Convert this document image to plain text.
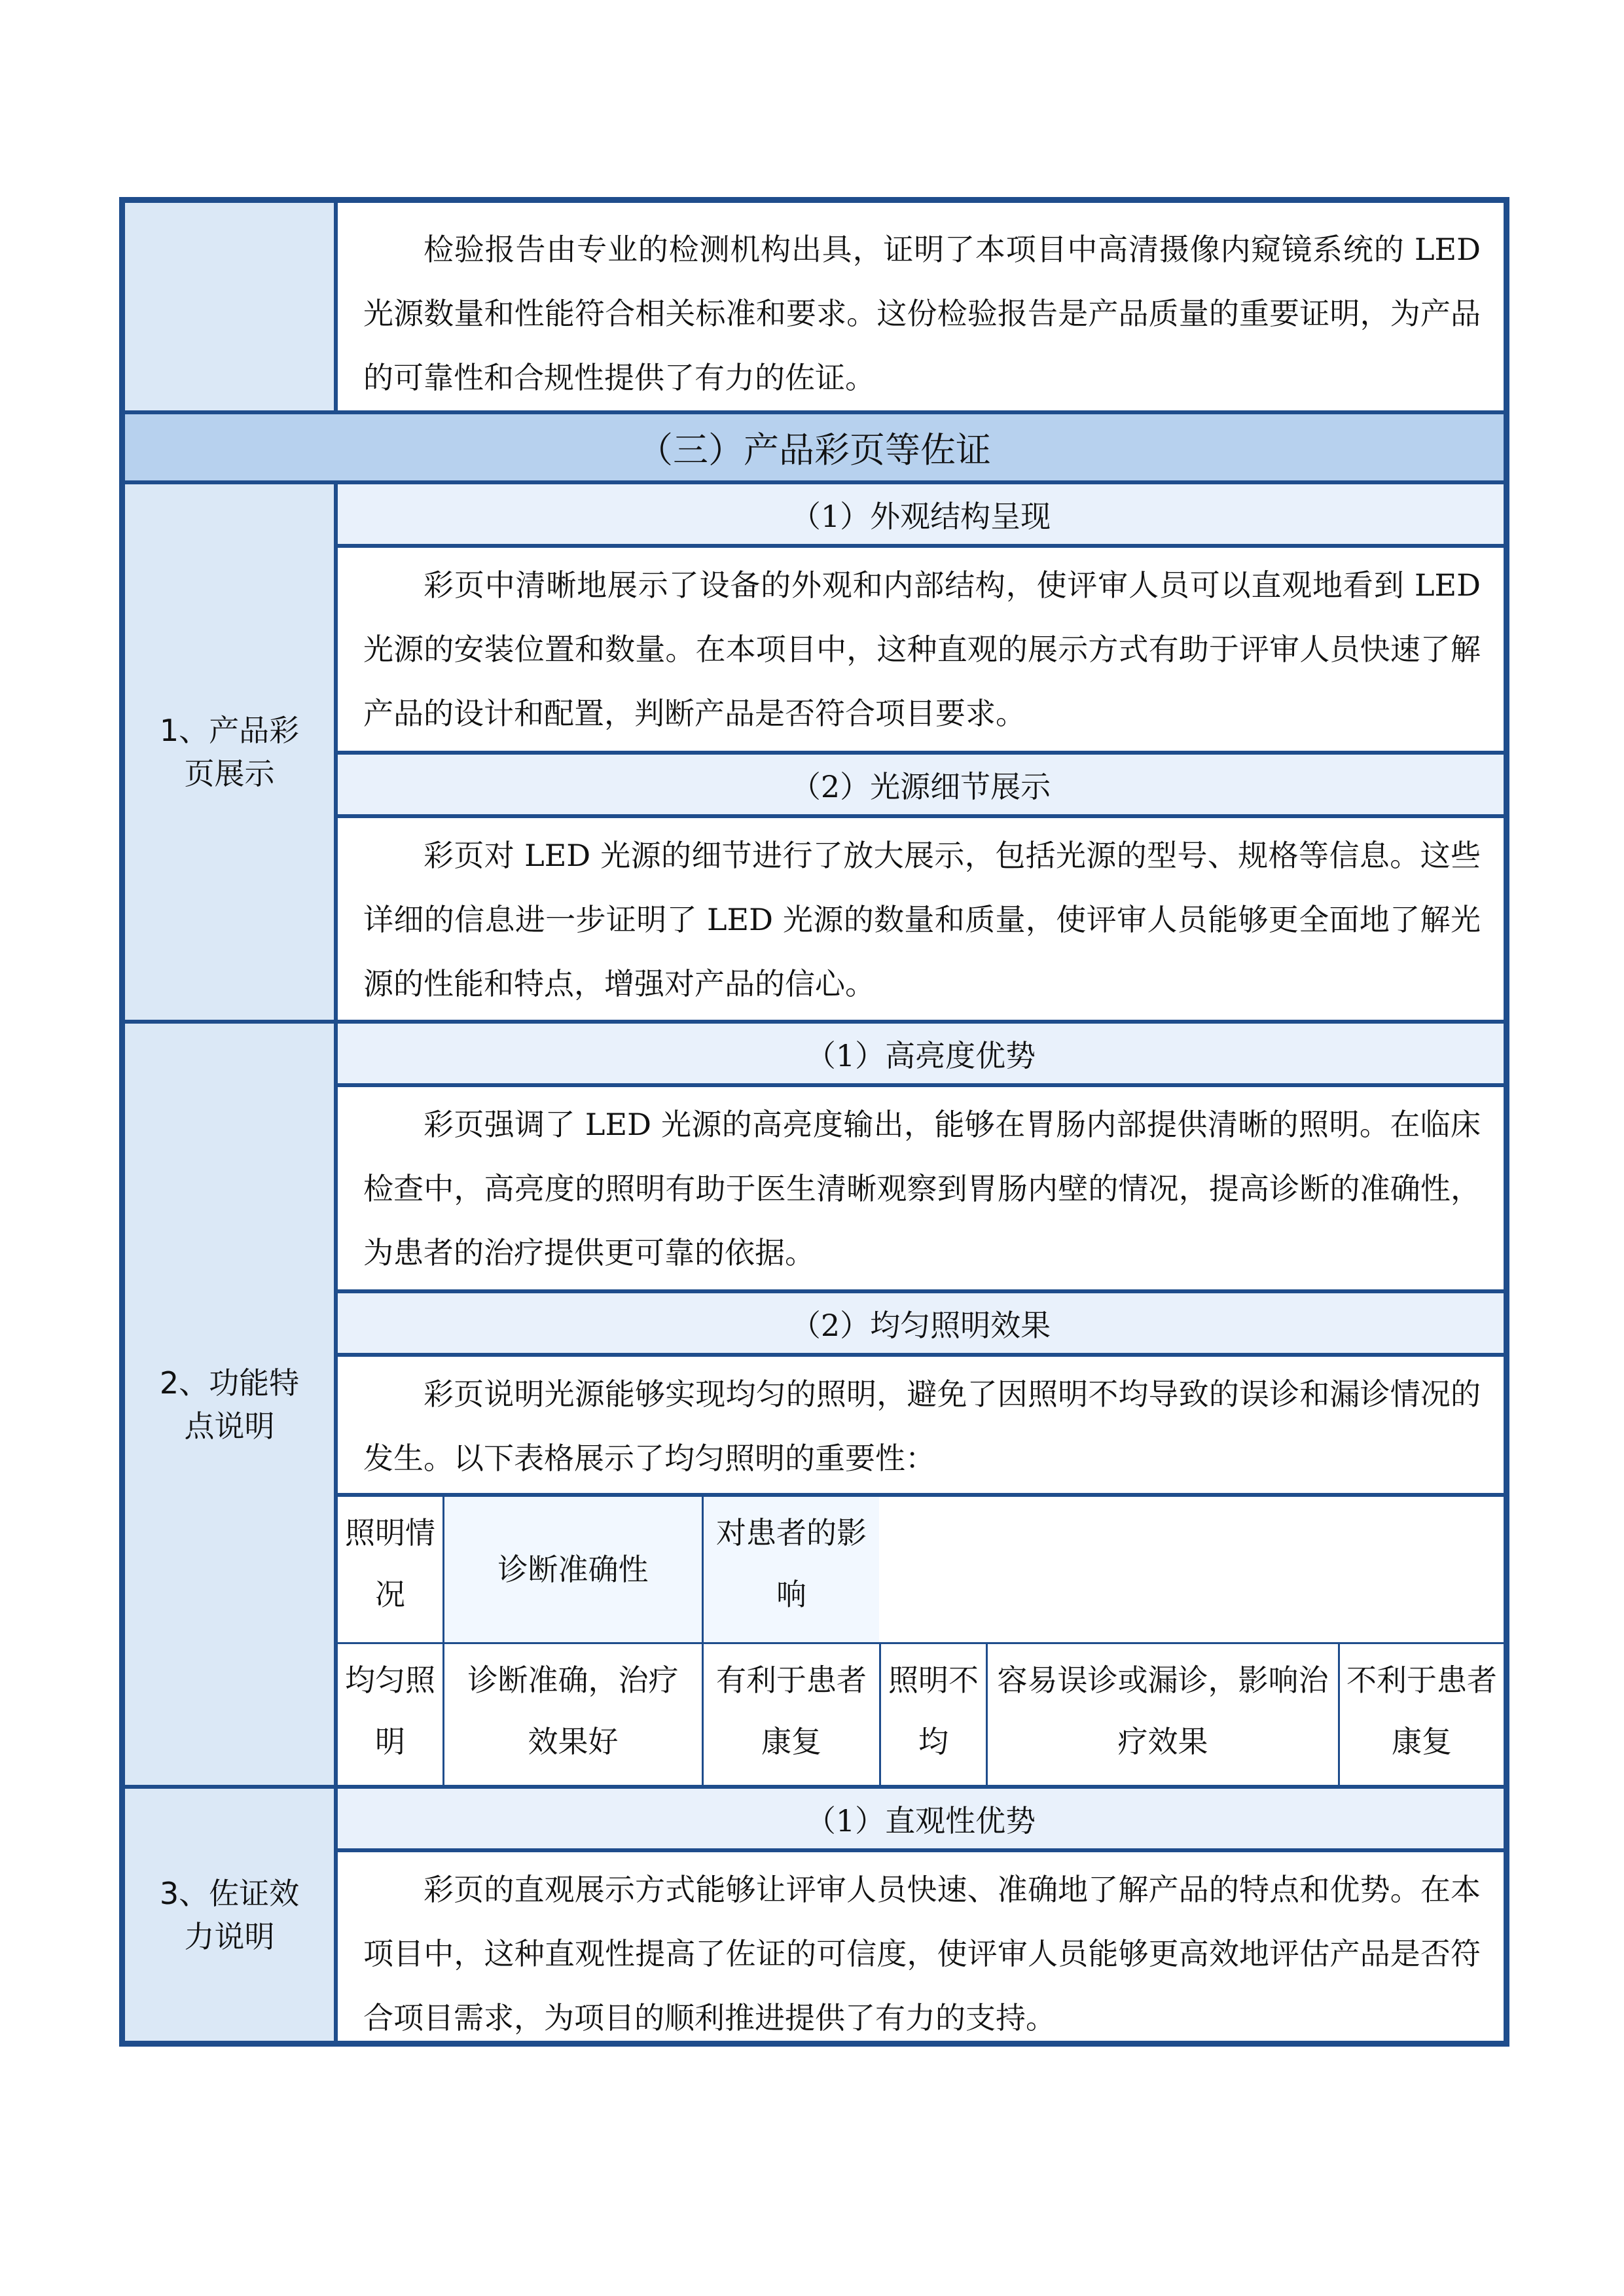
检验报告由专业的检测机构出具，证明了本项目中高清摄像内窥镜系统的 LED 光源数量和性能符合相关标准和要求。这份检验报告是产品质量的重要证明，为产品的可靠性和合规性提供了有力的佐证。
（三）产品彩页等佐证
1、产品彩
页展示
（1）外观结构呈现
彩页中清晰地展示了设备的外观和内部结构，使评审人员可以直观地看到 LED 光源的安装位置和数量。在本项目中，这种直观的展示方式有助于评审人员快速了解产品的设计和配置，判断产品是否符合项目要求。
（2）光源细节展示
彩页对 LED 光源的细节进行了放大展示，包括光源的型号、规格等信息。这些详细的信息进一步证明了 LED 光源的数量和质量，使评审人员能够更全面地了解光源的性能和特点，增强对产品的信心。
2、功能特
点说明
（1）高亮度优势
彩页强调了 LED 光源的高亮度输出，能够在胃肠内部提供清晰的照明。在临床检查中，高亮度的照明有助于医生清晰观察到胃肠内壁的情况，提高诊断的准确性，为患者的治疗提供更可靠的依据。
（2）均匀照明效果
彩页说明光源能够实现均匀的照明，避免了因照明不均导致的误诊和漏诊情况的发生。以下表格展示了均匀照明的重要性：
照明情况
诊断准确性
对患者的影响
均匀照明
诊断准确，治疗效果好
有利于患者康复
照明不均
容易误诊或漏诊，影响治疗效果
不利于患者康复
3、佐证效
力说明
（1）直观性优势
彩页的直观展示方式能够让评审人员快速、准确地了解产品的特点和优势。在本项目中，这种直观性提高了佐证的可信度，使评审人员能够更高效地评估产品是否符合项目需求，为项目的顺利推进提供了有力的支持。
